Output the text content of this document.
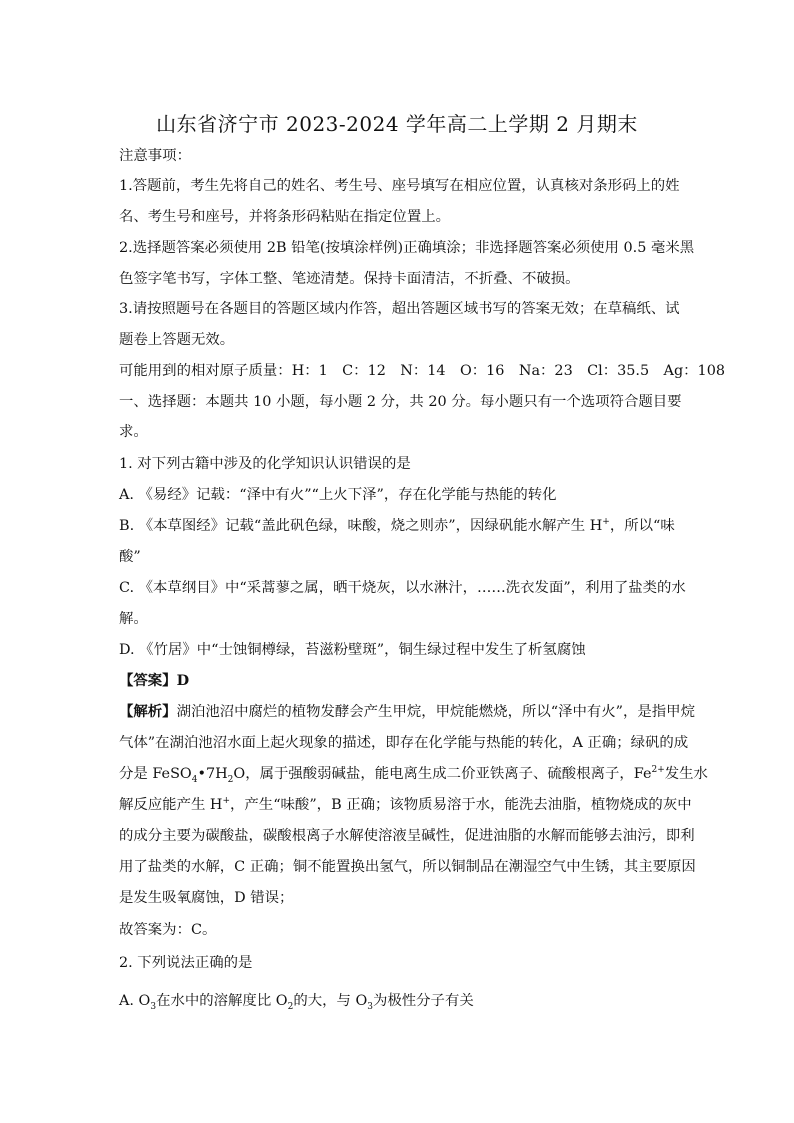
山东省济宁市 2023-2024 学年高二上学期 2 月期末
注意事项：
1.答题前，考生先将自己的姓名、考生号、座号填写在相应位置，认真核对条形码上的姓
名、考生号和座号，并将条形码粘贴在指定位置上。
2.选择题答案必须使用 2B 铅笔(按填涂样例)正确填涂；非选择题答案必须使用 0.5 毫米黑
色签字笔书写，字体工整、笔迹清楚。保持卡面清洁，不折叠、不破损。
3.请按照题号在各题目的答题区域内作答，超出答题区域书写的答案无效；在草稿纸、试
题卷上答题无效。
可能用到的相对原子质量：H：1　C：12　N：14　O：16　Na：23　Cl：35.5　Ag：108
一、选择题：本题共 10 小题，每小题 2 分，共 20 分。每小题只有一个选项符合题目要
求。
1. 对下列古籍中涉及的化学知识认识错误的是
A. 《易经》记载：“泽中有火”“上火下泽”，存在化学能与热能的转化
B. 《本草图经》记载“盖此矾色绿，味酸，烧之则赤”，因绿矾能水解产生 H+，所以“味
酸”
C. 《本草纲目》中“采蒿蓼之属，晒干烧灰，以水淋汁，……洗衣发面”，利用了盐类的水
解。
D. 《竹居》中“士蚀铜樽绿，苔滋粉壁斑”，铜生绿过程中发生了析氢腐蚀
【答案】D
【解析】湖泊池沼中腐烂的植物发酵会产生甲烷，甲烷能燃烧，所以“泽中有火”，是指甲烷
气体”在湖泊池沼水面上起火现象的描述，即存在化学能与热能的转化，A 正确；绿矾的成
分是 $FeSO_4•7H_2O$，属于强酸弱碱盐，能电离生成二价亚铁离子、硫酸根离子，$Fe^{2+}$发生水
解反应能产生 H+，产生“味酸”，B 正确；该物质易溶于水，能洗去油脂，植物烧成的灰中
的成分主要为碳酸盐，碳酸根离子水解使溶液呈碱性，促进油脂的水解而能够去油污，即利
用了盐类的水解，C 正确；铜不能置换出氢气，所以铜制品在潮湿空气中生锈，其主要原因
是发生吸氧腐蚀，D 错误；
故答案为：C。
2. 下列说法正确的是
A. $O_3$在水中的溶解度比 $O_2$的大，与 $O_3$为极性分子有关
